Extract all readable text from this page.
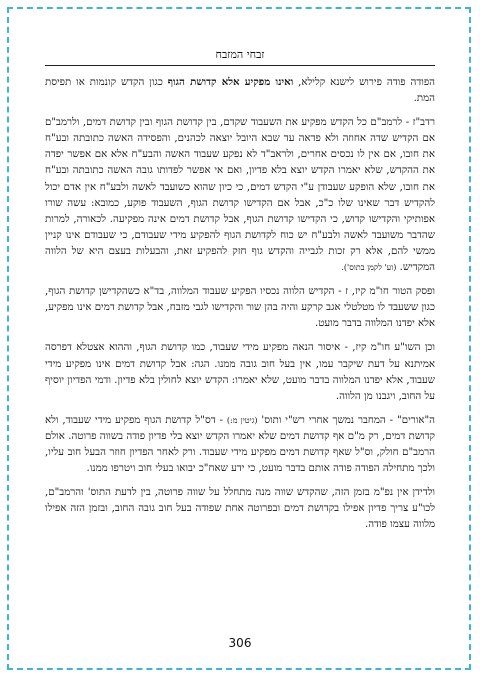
זבחי המזבח

הפודה פודה פירוש לישנא קלילא, ואינו מפקיע אלא קדושת הגוף כגון הקדש קונמות או תפיסת המת.

רדב"ז - לרמב"ם כל הקדש מפקיע את השעבוד שקדם, בין קדושת הגוף ובין קדושת דמים, ולרמב"ם אם הקדיש שדה אחוזה ולא פדאה עד שבא היובל יוצאה לכהנים, והפסידה האשה כתובתה ובע"ח את חובו, אם אין לו נכסים אחרים, ולראב"ד לא נפקע שעבוד האשה והבע"ח אלא אם אפשר יפדה את ההקדש, שלא יאמרו הקדש יוצא בלא פדיון, ואם אי אפשר לפדותו גובה האשה כתובתה ובע"ח את חובו, שלא הופקע שעבודן ע"י הקדש דמים, כי כיון שהוא כשועבד לאשה ולבע"ח אין אדם יכול להקדיש דבר שאינו שלו כ"כ, אבל אם הקדישו קדושת הגוף, השעבוד פוקע, כמובא: עשה שורו אפותיקי והקדישו קדוש, כי הקדישו קדושת הגוף, אבל קדושת דמים אינה מפקיעה. לכאורה, למרות שהדבר משועבד לאשה ולבע"ח יש כוח לקדושת הגוף להפקיע מידי שעבודם, כי שעבודם אינו קניין ממשי להם, אלא רק זכות לגבייה והקדש גוף חזק להפקיע זאת, והבעלות בעצם היא של הלווה המקדיש. (וע' לקמן בתוס').

ופסק הטור חו"מ קיז, ז - הקדיש הלווה נכסיו הפקיע שעבוד המלווה, בד"א כשהקדישן קדושת הגוף, כגון ששעבד לו מטלטלי אגב קרקע והיה בהן שור והקדישו לגבי מזבח, אבל קדושת דמים אינו מפקיע, אלא יפדנו המלווה בדבר מועט.

וכן השו"ע חו"מ קיז, - איסור הנאה מפקיע מידי שעבוד, כמו קדושת הגוף, וההוא אצטלא דפרסה אמיתנא על דעת שיקבר עמו, אין בעל חוב גובה ממנו. הגה: אבל קדושת דמים אינו מפקיע מידי שעבוד, אלא יפדנו המלווה בדבר מועט, שלא יאמרו: הקדש יוצא לחולין בלא פדיון. ודמי הפדיון יוסיף על החוב, ויגבנו מן הלווה.

ה"אורים" - המחבר נמשך אחרי רש"י ותוס' (גיטין מ:) - דס"ל קדושת הגוף מפקיע מידי שעבוד, ולא קדושת דמים, רק מ"ם אף קדושת דמים שלא יאמרו הקדש יוצא בלי פדיון פודה בשווה פרוטה. אולם הרמב"ם חולק, וס"ל שאף קדושת דמים מפקיע מידי שעבוד. ורק לאחר הפדיון חוזר הבעל חוב עליו, ולכך מתחילה הפודה פודה אותם בדבר מועט, כי ידע שאח"כ יבואו בעלי חוב ויטרפו ממנו.

ולדידן אין נפ"מ בזמן הזה, שהקדש שווה מנה מתחלל על שווה פרוטה, בין לדעת התוס' והרמב"ם, לכו"ע צריך פדיון אפילו בקדושת דמים ובפרוטה אחת שפודה בעל חוב גובה החוב, ובזמן הזה אפילו מלווה עצמו פודה.

306
